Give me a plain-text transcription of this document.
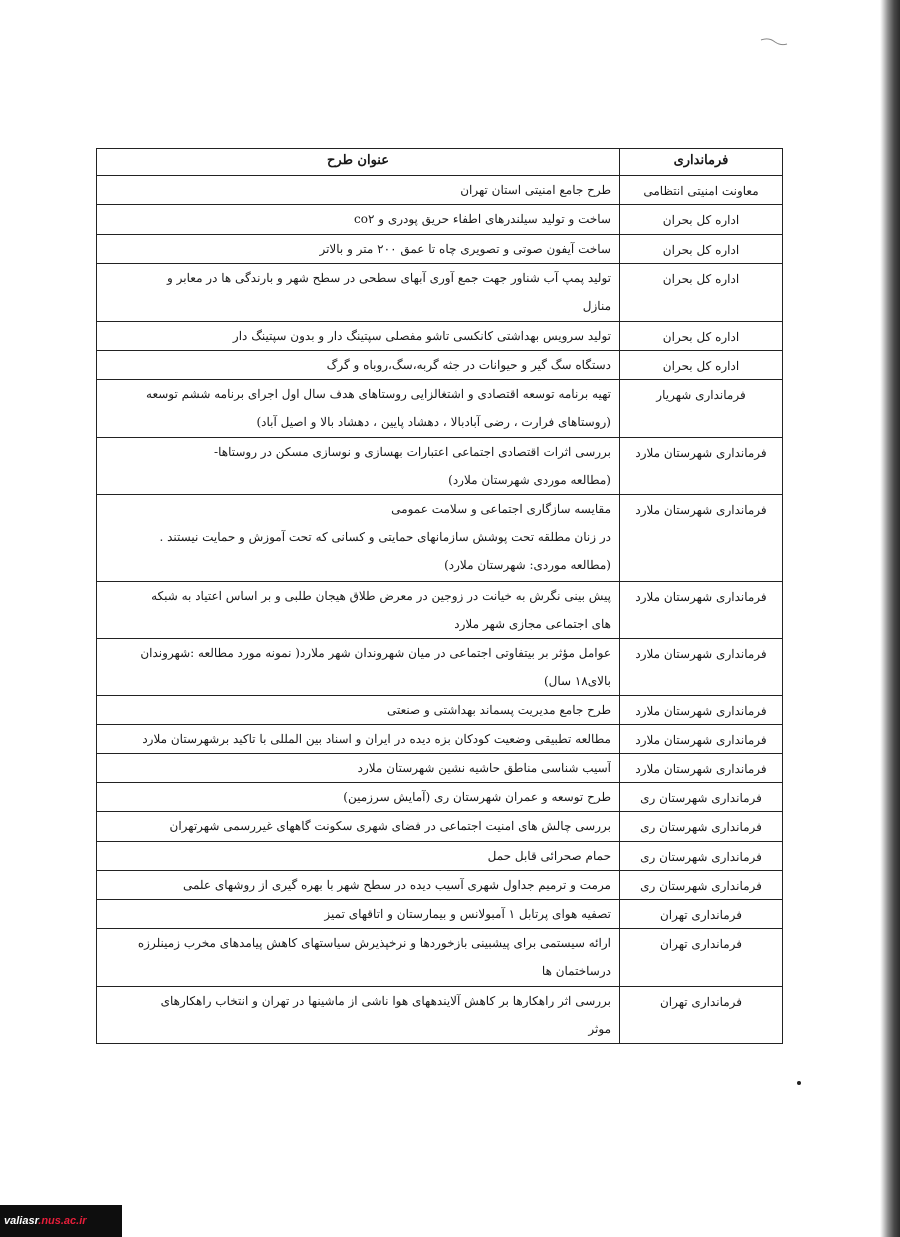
فرمانداری	عنوان طرح
معاونت امنیتی انتظامی	طرح جامع امنیتی استان تهران

اداره کل بحران	ساخت و تولید سیلندرهای اطفاء حریق پودری و co۲

اداره کل بحران	ساخت آیفون صوتی و تصویری چاه تا عمق ۲۰۰ متر و بالاتر

اداره کل بحران	تولید پمپ آب شناور جهت جمع آوری آبهای سطحی در سطح شهر و بارندگی ها در معابر و
منازل

اداره کل بحران	تولید سرویس بهداشتی کانکسی تاشو مفصلی سپتینگ دار و بدون سپتینگ دار

اداره کل بحران	دستگاه سگ گیر و حیوانات در جثه گربه،سگ،روباه و گرگ

فرمانداری شهریار	تهیه برنامه توسعه اقتصادی و اشتغالزایی روستاهای هدف سال اول اجرای برنامه ششم توسعه
(روستاهای فرارت ، رضی آبادبالا ، دهشاد پایین ، دهشاد بالا و اصیل آباد)

فرمانداری شهرستان ملارد	بررسی اثرات اقتصادی اجتماعی اعتبارات بهسازی و نوسازی مسکن در روستاها-
(مطالعه موردی شهرستان ملارد)

فرمانداری شهرستان ملارد	مقایسه سازگاری اجتماعی و سلامت عمومی
در زنان مطلقه تحت پوشش سازمانهای حمایتی و کسانی که تحت آموزش و حمایت نیستند .
(مطالعه موردی: شهرستان ملارد)

فرمانداری شهرستان ملارد	پیش بینی نگرش به خیانت در زوجین در معرض طلاق هیجان طلبی و بر اساس اعتیاد به شبکه
های اجتماعی مجازی شهر ملارد

فرمانداری شهرستان ملارد	عوامل مؤثر بر بیتفاوتی اجتماعی در میان شهروندان شهر ملارد( نمونه مورد مطالعه :شهروندان
بالای۱۸ سال)

فرمانداری شهرستان ملارد	طرح جامع مدیریت پسماند بهداشتی و صنعتی

فرمانداری شهرستان ملارد	مطالعه تطبیقی وضعیت کودکان بزه دیده در ایران و اسناد بین المللی با تاکید برشهرستان ملارد

فرمانداری شهرستان ملارد	آسیب شناسی مناطق حاشیه نشین شهرستان ملارد

فرمانداری شهرستان ری	طرح توسعه و عمران شهرستان ری (آمایش سرزمین)

فرمانداری شهرستان ری	بررسی چالش های امنیت اجتماعی در فضای شهری سکونت گاههای غیررسمی شهرتهران

فرمانداری شهرستان ری	حمام صحرائی قابل حمل

فرمانداری شهرستان ری	مرمت و ترمیم جداول شهری آسیب دیده در سطح شهر با بهره گیری از روشهای علمی

فرمانداری تهران	تصفیه هوای پرتابل ۱ آمبولانس و بیمارستان و اتاقهای تمیز

فرمانداری تهران	ارائه سیستمی برای پیشبینی بازخوردها و نرخپذیرش سیاستهای کاهش پیامدهای مخرب زمینلرزه
درساختمان ها

فرمانداری تهران	بررسی اثر راهکارها بر کاهش آلایندههای هوا ناشی از ماشینها در تهران و انتخاب راهکارهای
موثر
valiasr.nus.ac.ir
